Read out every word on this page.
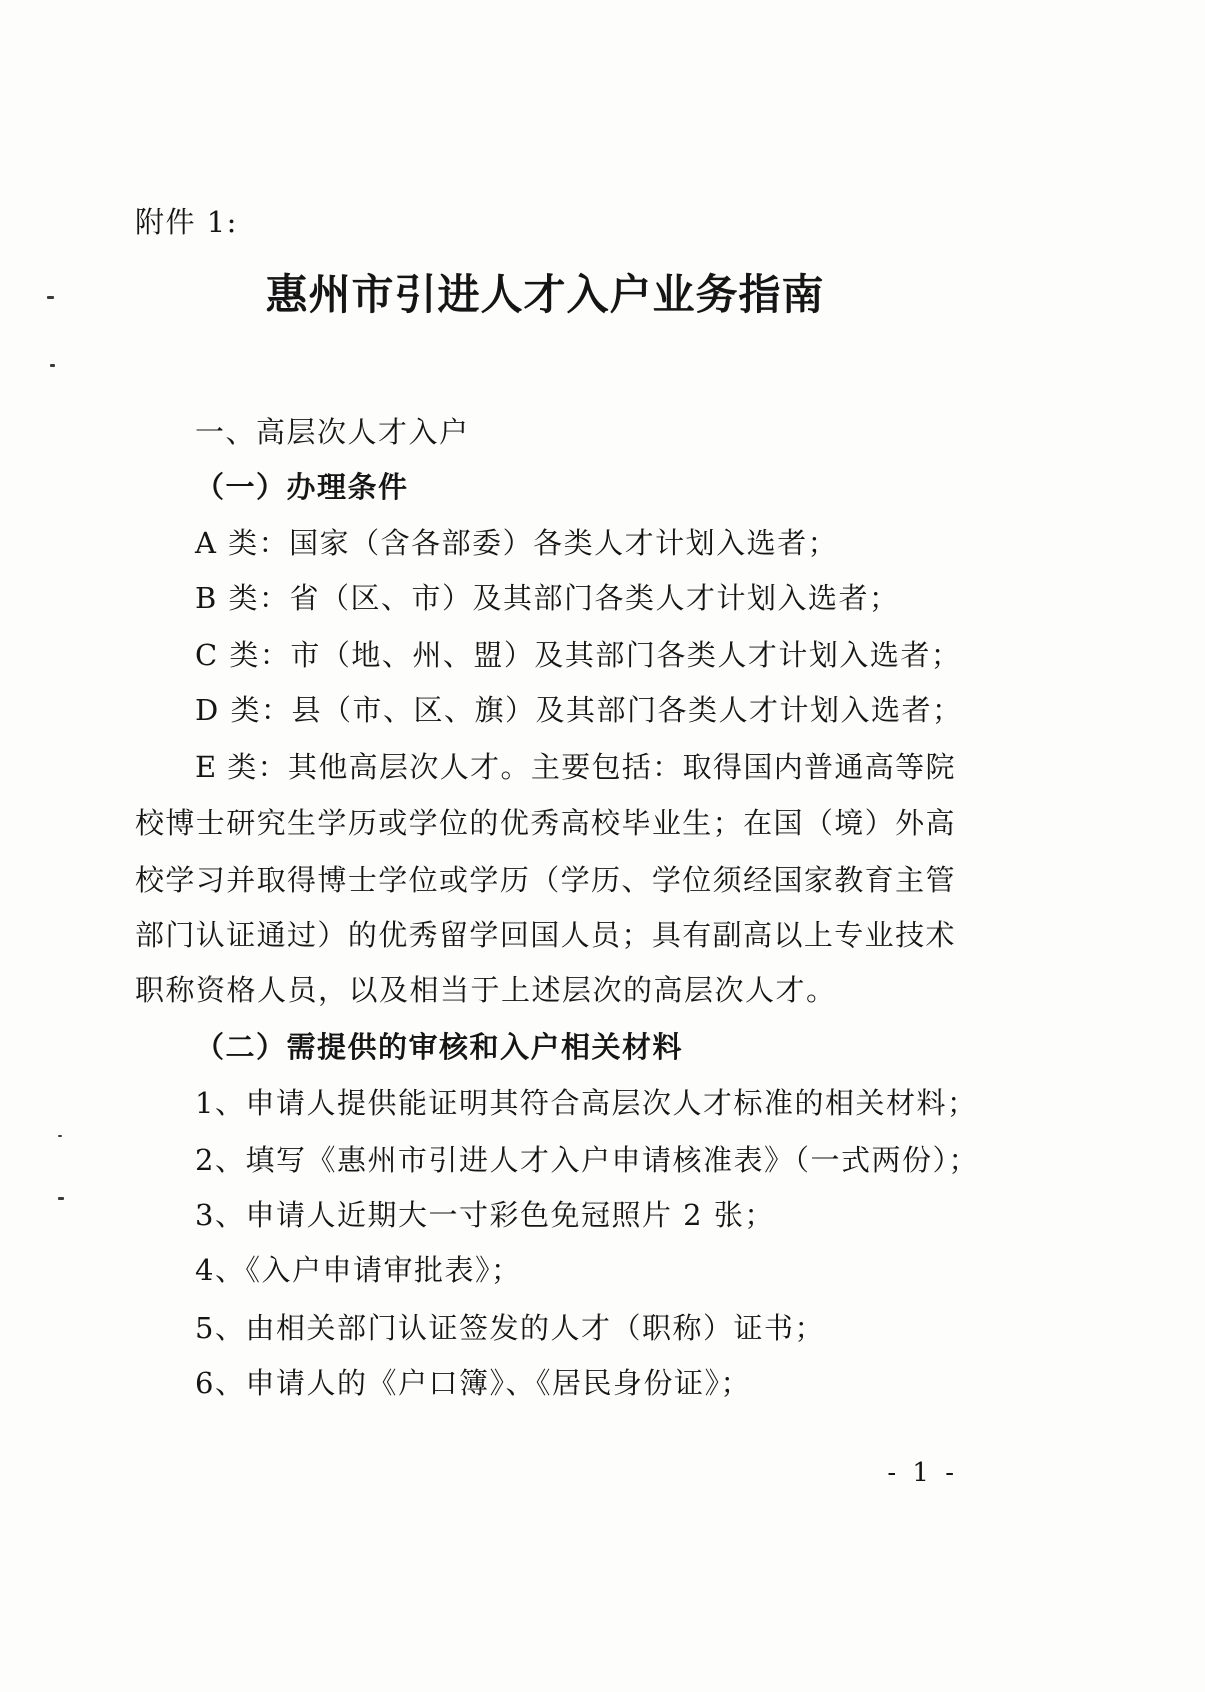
附件 1:
惠州市引进人才入户业务指南
一、高层次人才入户
（一）办理条件
A 类：国家（含各部委）各类人才计划入选者；
B 类：省（区、市）及其部门各类人才计划入选者；
C 类：市（地、州、盟）及其部门各类人才计划入选者；
D 类：县（市、区、旗）及其部门各类人才计划入选者；
E 类：其他高层次人才。主要包括：取得国内普通高等院
校博士研究生学历或学位的优秀高校毕业生；在国（境）外高
校学习并取得博士学位或学历（学历、学位须经国家教育主管
部门认证通过）的优秀留学回国人员；具有副高以上专业技术
职称资格人员，以及相当于上述层次的高层次人才。
（二）需提供的审核和入户相关材料
1、申请人提供能证明其符合高层次人才标准的相关材料；
2、填写《惠州市引进人才入户申请核准表》（一式两份）；
3、申请人近期大一寸彩色免冠照片 2 张；
4、《入户申请审批表》；
5、由相关部门认证签发的人才（职称）证书；
6、申请人的《户口簿》、《居民身份证》；
- 1 -
